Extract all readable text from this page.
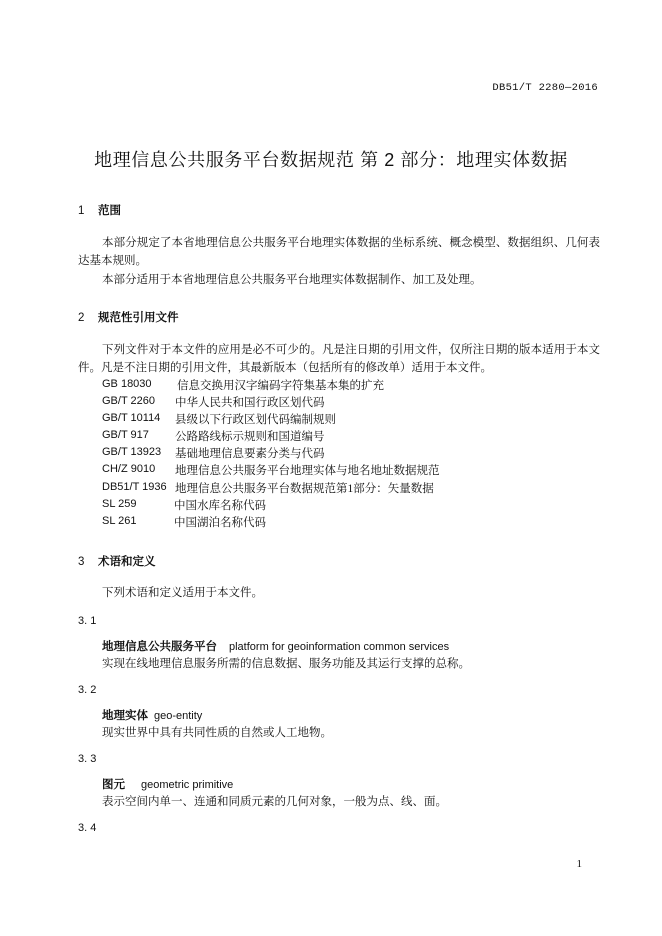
DB51/T 2280—2016
地理信息公共服务平台数据规范 第 2 部分：地理实体数据
1 范围
本部分规定了本省地理信息公共服务平台地理实体数据的坐标系统、概念模型、数据组织、几何表达基本规则。
本部分适用于本省地理信息公共服务平台地理实体数据制作、加工及处理。
2 规范性引用文件
下列文件对于本文件的应用是必不可少的。凡是注日期的引用文件，仅所注日期的版本适用于本文件。凡是不注日期的引用文件，其最新版本（包括所有的修改单）适用于本文件。
GB 18030 信息交换用汉字编码字符集基本集的扩充
GB/T 2260 中华人民共和国行政区划代码
GB/T 10114 县级以下行政区划代码编制规则
GB/T 917 公路路线标示规则和国道编号
GB/T 13923 基础地理信息要素分类与代码
CH/Z 9010 地理信息公共服务平台地理实体与地名地址数据规范
DB51/T 1936 地理信息公共服务平台数据规范第1部分：矢量数据
SL 259	中国水库名称代码
SL 261	中国湖泊名称代码
3 术语和定义
下列术语和定义适用于本文件。
3. 1
地理信息公共服务平台 platform for geoinformation common services
实现在线地理信息服务所需的信息数据、服务功能及其运行支撑的总称。
3. 2
地理实体 geo-entity
现实世界中具有共同性质的自然或人工地物。
3. 3
图元 geometric primitive
表示空间内单一、连通和同质元素的几何对象，一般为点、线、面。
3. 4
1
